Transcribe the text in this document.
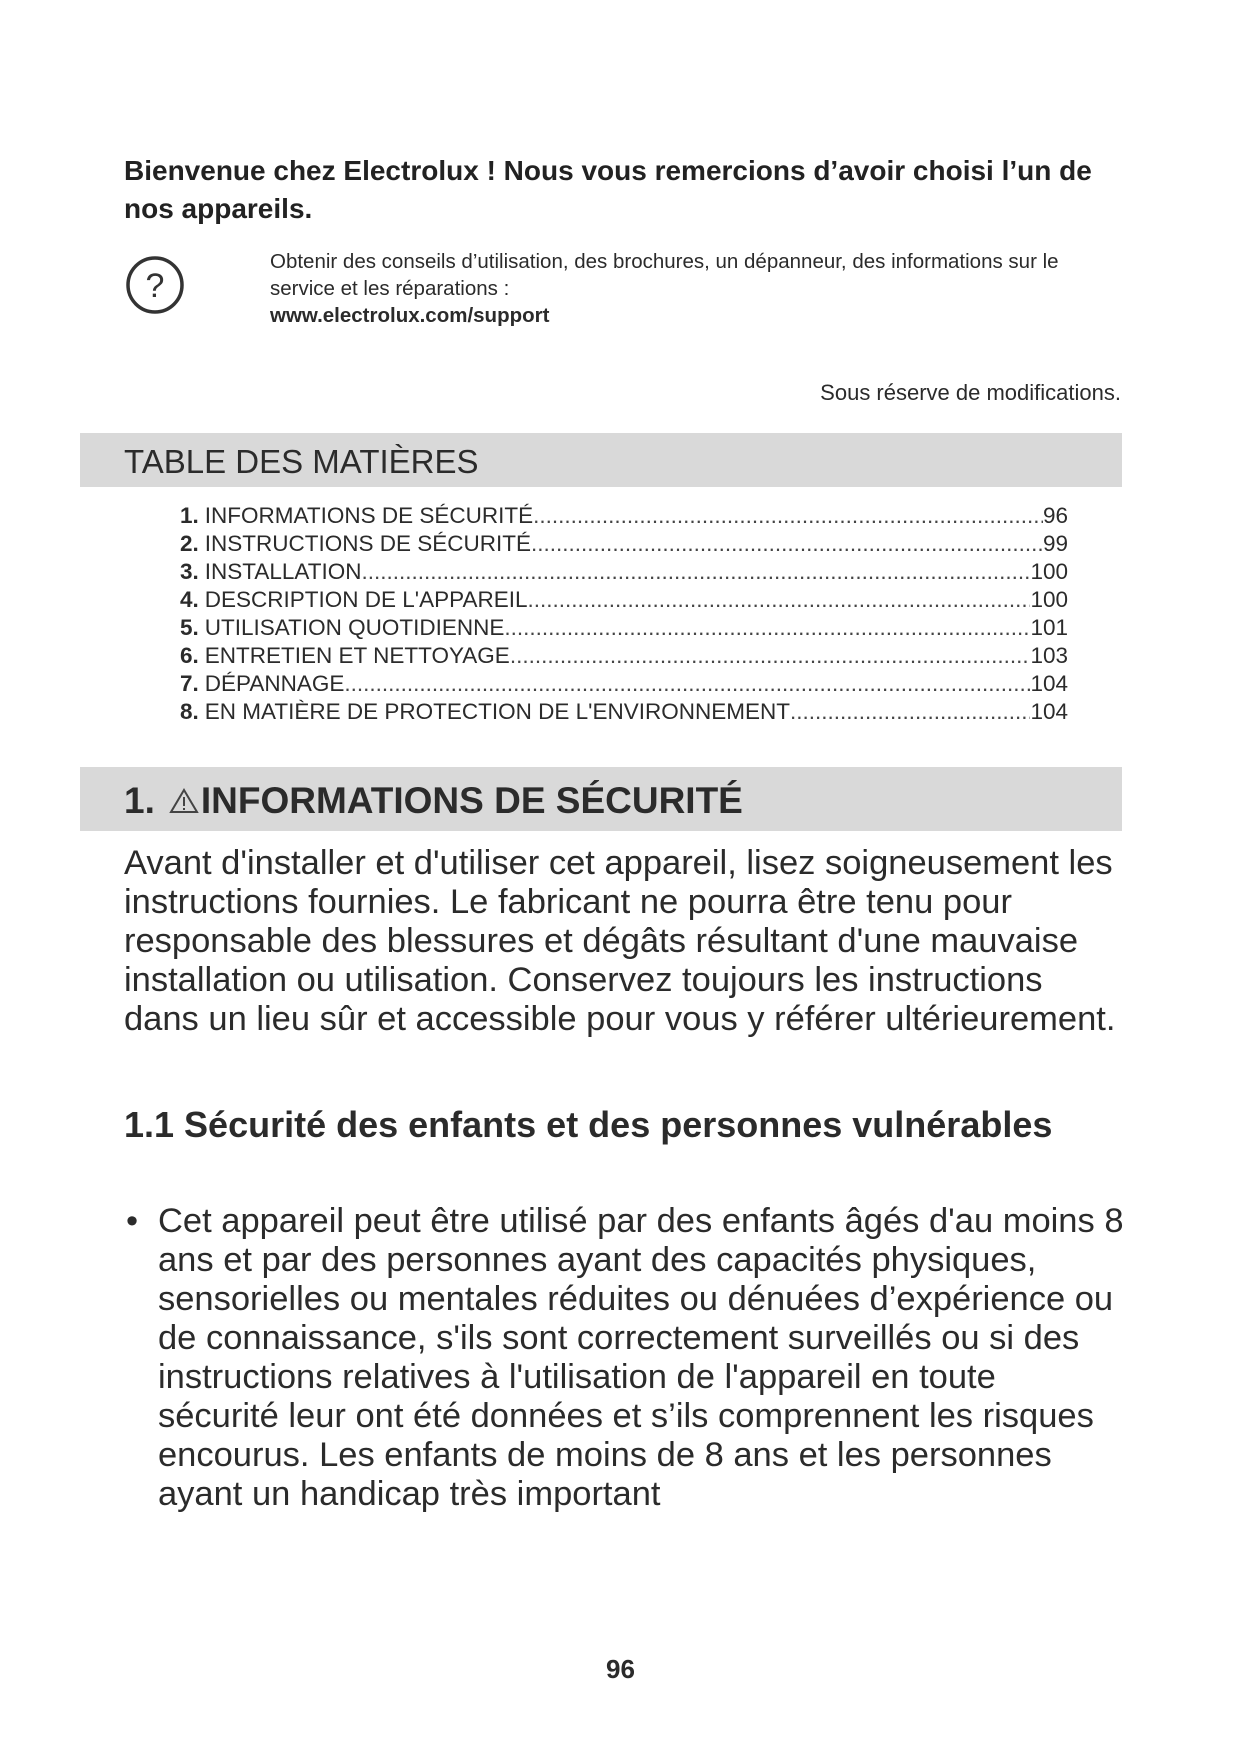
Bienvenue chez Electrolux ! Nous vous remercions d’avoir choisi l’un de nos appareils.
?
Obtenir des conseils d’utilisation, des brochures, un dépanneur, des informations sur le service et les réparations :
www.electrolux.com/support
Sous réserve de modifications.
TABLE DES MATIÈRES
1. INFORMATIONS DE SÉCURITÉ .....	96
2. INSTRUCTIONS DE SÉCURITÉ .....	99
3. INSTALLATION .....	100
4. DESCRIPTION DE L'APPAREIL .....	100
5. UTILISATION QUOTIDIENNE .....	101
6. ENTRETIEN ET NETTOYAGE .....	103
7. DÉPANNAGE .....	104
8. EN MATIÈRE DE PROTECTION DE L'ENVIRONNEMENT .....	104
1. INFORMATIONS DE SÉCURITÉ
Avant d'installer et d'utiliser cet appareil, lisez soigneusement les instructions fournies. Le fabricant ne pourra être tenu pour responsable des blessures et dégâts résultant d'une mauvaise installation ou utilisation. Conservez toujours les instructions dans un lieu sûr et accessible pour vous y référer ultérieurement.
1.1 Sécurité des enfants et des personnes vulnérables
• Cet appareil peut être utilisé par des enfants âgés d'au moins 8 ans et par des personnes ayant des capacités physiques, sensorielles ou mentales réduites ou dénuées d’expérience ou de connaissance, s'ils sont correctement surveillés ou si des instructions relatives à l'utilisation de l'appareil en toute sécurité leur ont été données et s’ils comprennent les risques encourus. Les enfants de moins de 8 ans et les personnes ayant un handicap très important
96
